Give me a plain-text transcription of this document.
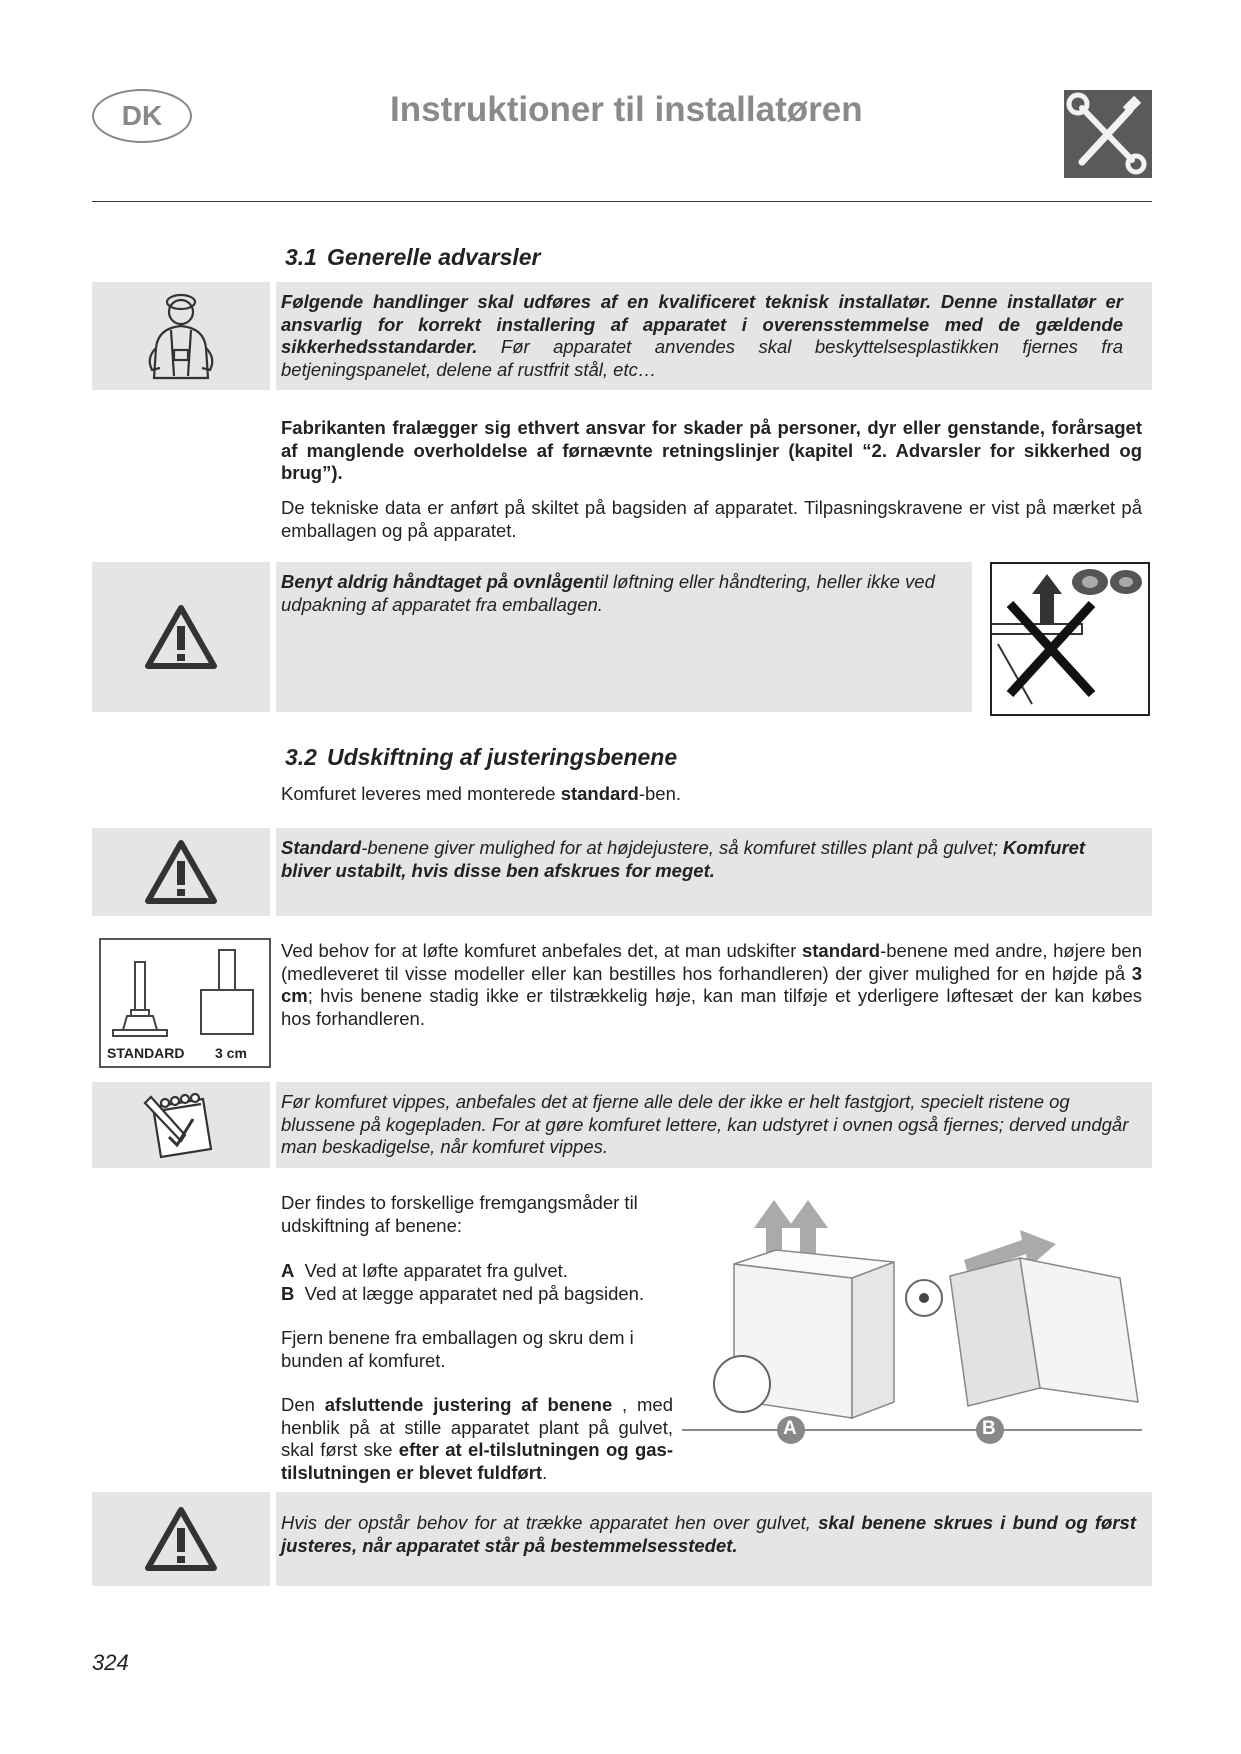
DK	Instruktioner til installatøren
3.1 Generelle advarsler

Følgende handlinger skal udføres af en kvalificeret teknisk installatør. Denne installatør er ansvarlig for korrekt installering af apparatet i overensstemmelse med de gældende sikkerhedsstandarder. Før apparatet anvendes skal beskyttelsesplastikken fjernes fra betjeningspanelet, delene af rustfrit stål, etc…

Fabrikanten fralægger sig ethvert ansvar for skader på personer, dyr eller genstande, forårsaget af manglende overholdelse af førnævnte retningslinjer (kapitel “2. Advarsler for sikkerhed og brug”).

De tekniske data er anført på skiltet på bagsiden af apparatet. Tilpasningskravene er vist på mærket på emballagen og på apparatet.

Benyt aldrig håndtaget på ovnlågentil løftning eller håndtering, heller ikke ved udpakning af apparatet fra emballagen.

3.2 Udskiftning af justeringsbenene

Komfuret leveres med monterede standard-ben.

Standard-benene giver mulighed for at højdejustere, så komfuret stilles plant på gulvet; Komfuret bliver ustabilt, hvis disse ben afskrues for meget.

STANDARD 3 cm

Ved behov for at løfte komfuret anbefales det, at man udskifter standard-benene med andre, højere ben (medleveret til visse modeller eller kan bestilles hos forhandleren) der giver mulighed for en højde på 3 cm; hvis benene stadig ikke er tilstrækkelig høje, kan man tilføje et yderligere løftesæt der kan købes hos forhandleren.

Før komfuret vippes, anbefales det at fjerne alle dele der ikke er helt fastgjort, specielt ristene og blussene på kogepladen. For at gøre komfuret lettere, kan udstyret i ovnen også fjernes; derved undgår man beskadigelse, når komfuret vippes.

Der findes to forskellige fremgangsmåder til udskiftning af benene:

A Ved at løfte apparatet fra gulvet.

B Ved at lægge apparatet ned på bagsiden.

Fjern benene fra emballagen og skru dem i bunden af komfuret.

Den afsluttende justering af benene , med henblik på at stille apparatet plant på gulvet, skal først ske efter at el-tilslutningen og gas-tilslutningen er blevet fuldført.

A	B

Hvis der opstår behov for at trække apparatet hen over gulvet, skal benene skrues i bund og først justeres, når apparatet står på bestemmelsesstedet.

324
